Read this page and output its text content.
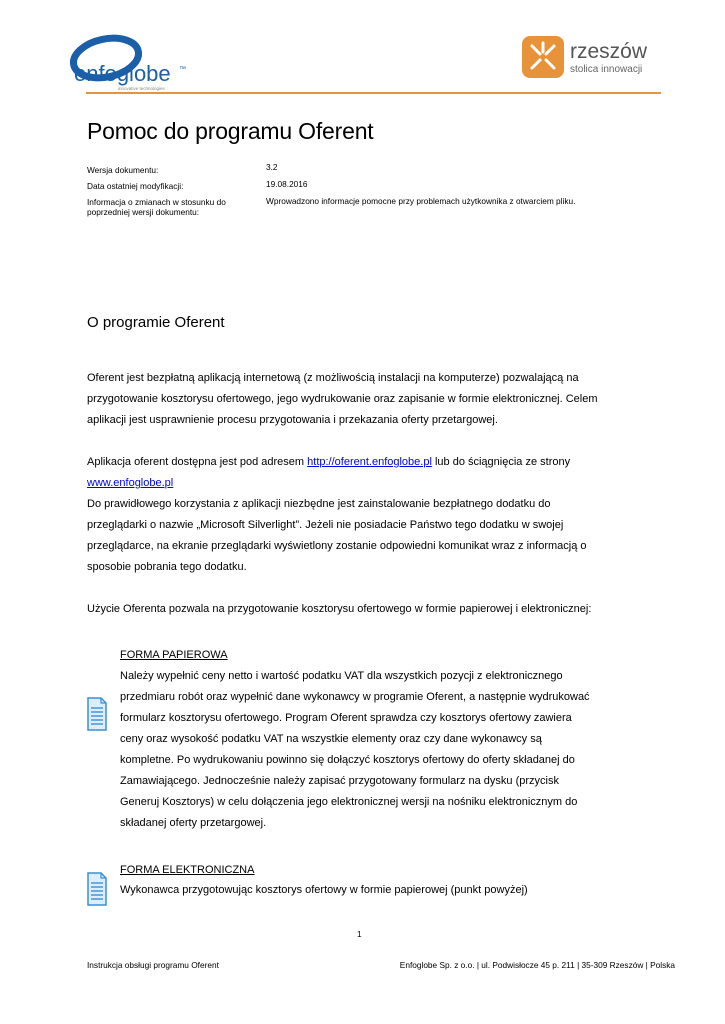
enfoglobe ™
innovative technologies
rzeszów
stolica innowacji
Pomoc do programu Oferent
Wersja dokumentu:	3.2
Data ostatniej modyfikacji:	19.08.2016
Informacja o zmianach w stosunku do poprzedniej wersji dokumentu:
Wprowadzono informacje pomocne przy problemach użytkownika z otwarciem pliku.
O programie Oferent

Oferent jest bezpłatną aplikacją internetową (z możliwością instalacji na komputerze) pozwalającą na przygotowanie kosztorysu ofertowego, jego wydrukowanie oraz zapisanie w formie elektronicznej. Celem aplikacji jest usprawnienie procesu przygotowania i przekazania oferty przetargowej.

Aplikacja oferent dostępna jest pod adresem http://oferent.enfoglobe.pl lub do ściągnięcia ze strony www.enfoglobe.pl

Do prawidłowego korzystania z aplikacji niezbędne jest zainstalowanie bezpłatnego dodatku do przeglądarki o nazwie „Microsoft Silverlight”. Jeżeli nie posiadacie Państwo tego dodatku w swojej przeglądarce, na ekranie przeglądarki wyświetlony zostanie odpowiedni komunikat wraz z informacją o sposobie pobrania tego dodatku.

Użycie Oferenta pozwala na przygotowanie kosztorysu ofertowego w formie papierowej i elektronicznej:

FORMA PAPIEROWA

Należy wypełnić ceny netto i wartość podatku VAT dla wszystkich pozycji z elektronicznego przedmiaru robót oraz wypełnić dane wykonawcy w programie Oferent, a następnie wydrukować formularz kosztorysu ofertowego. Program Oferent sprawdza czy kosztorys ofertowy zawiera ceny oraz wysokość podatku VAT na wszystkie elementy oraz czy dane wykonawcy są kompletne. Po wydrukowaniu powinno się dołączyć kosztorys ofertowy do oferty składanej do Zamawiającego. Jednocześnie należy zapisać przygotowany formularz na dysku (przycisk Generuj Kosztorys) w celu dołączenia jego elektronicznej wersji na nośniku elektronicznym do składanej oferty przetargowej.

FORMA ELEKTRONICZNA

Wykonawca przygotowując kosztorys ofertowy w formie papierowej (punkt powyżej)

1
Instrukcja obsługi programu Oferent	Enfoglobe Sp. z o.o. | ul. Podwisłocze 45 p. 211 | 35-309 Rzeszów | Polska
